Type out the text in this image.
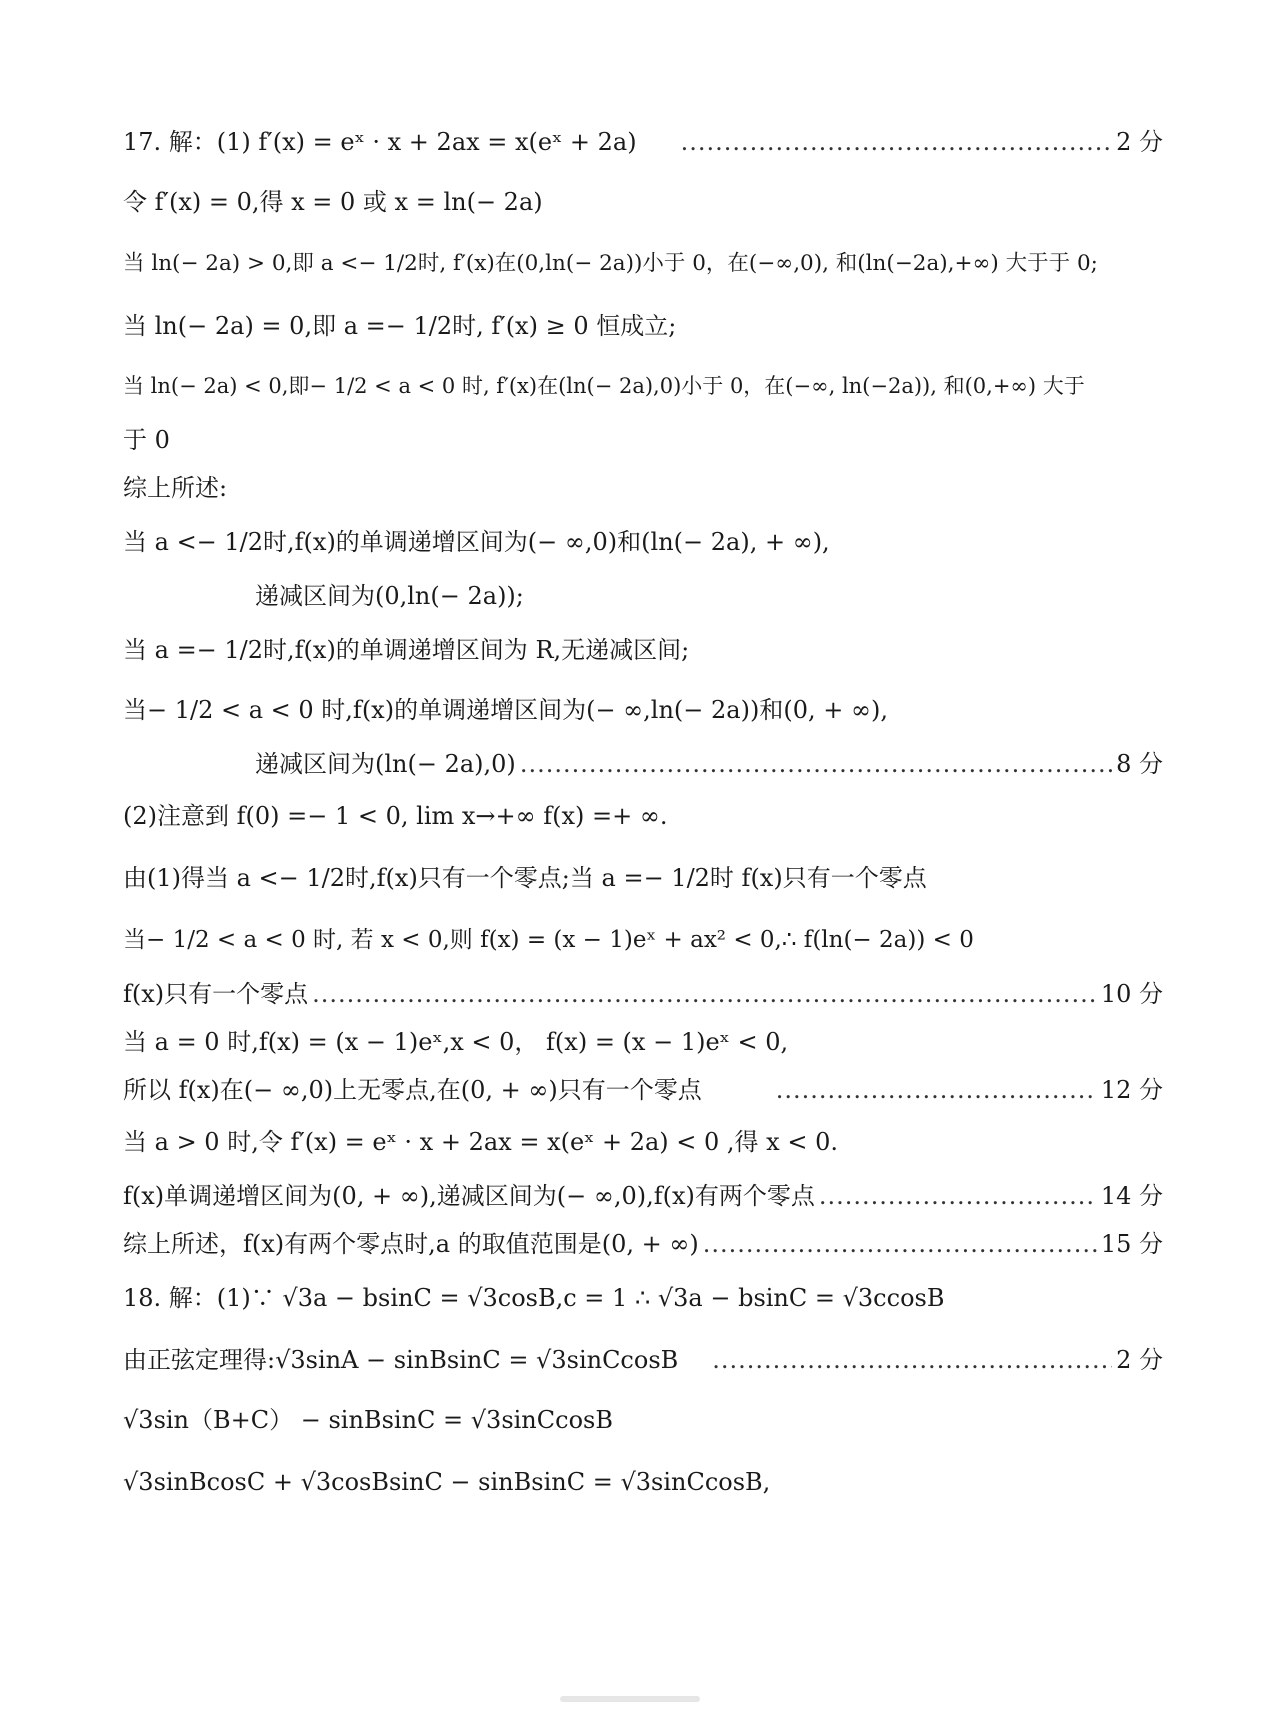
17. 解：(1) f′(x) = eˣ · x + 2ax = x(eˣ + 2a) .....	2 分
令 f′(x) = 0,得 x = 0 或 x = ln(− 2a)
当 ln(− 2a) > 0,即 a <− 1/2时, f′(x)在(0,ln(− 2a))小于 0，在(−∞,0), 和(ln(−2a),+∞) 大于于 0;
当 ln(− 2a) = 0,即 a =− 1/2时, f′(x) ≥ 0 恒成立;
当 ln(− 2a) < 0,即− 1/2 < a < 0 时, f′(x)在(ln(− 2a),0)小于 0，在(−∞, ln(−2a)), 和(0,+∞) 大于
于 0
综上所述:
当 a <− 1/2时,f(x)的单调递增区间为(− ∞,0)和(ln(− 2a), + ∞),
递减区间为(0,ln(− 2a));
当 a =− 1/2时,f(x)的单调递增区间为 R,无递减区间;
当− 1/2 < a < 0 时,f(x)的单调递增区间为(− ∞,ln(− 2a))和(0, + ∞),
递减区间为(ln(− 2a),0) .....	8 分
(2)注意到 f(0) =− 1 < 0, lim x→+∞ f(x) =+ ∞.
由(1)得当 a <− 1/2时,f(x)只有一个零点;当 a =− 1/2时 f(x)只有一个零点
当− 1/2 < a < 0 时, 若 x < 0,则 f(x) = (x − 1)eˣ + ax² < 0,∴ f(ln(− 2a)) < 0
f(x)只有一个零点 .....	10 分
当 a = 0 时,f(x) = (x − 1)eˣ,x < 0， f(x) = (x − 1)eˣ < 0,
所以 f(x)在(− ∞,0)上无零点,在(0, + ∞)只有一个零点 .....	12 分
当 a > 0 时,令 f′(x) = eˣ · x + 2ax = x(eˣ + 2a) < 0 ,得 x < 0.
f(x)单调递增区间为(0, + ∞),递减区间为(− ∞,0),f(x)有两个零点 .....	14 分
综上所述，f(x)有两个零点时,a 的取值范围是(0, + ∞) .....	15 分
18. 解：(1)∵ √3a − bsinC = √3cosB,c = 1 ∴ √3a − bsinC = √3ccosB
由正弦定理得:√3sinA − sinBsinC = √3sinCcosB .....	2 分
√3sin（B+C） − sinBsinC = √3sinCcosB
√3sinBcosC + √3cosBsinC − sinBsinC = √3sinCcosB,
